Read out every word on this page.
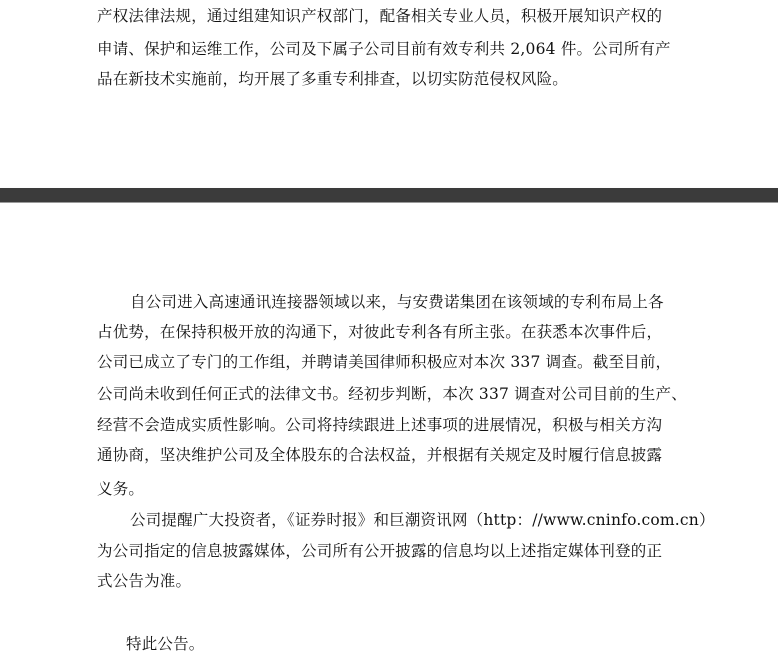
产权法律法规，通过组建知识产权部门，配备相关专业人员，积极开展知识产权的
申请、保护和运维工作，公司及下属子公司目前有效专利共 2,064 件。公司所有产
品在新技术实施前，均开展了多重专利排查，以切实防范侵权风险。
自公司进入高速通讯连接器领域以来，与安费诺集团在该领域的专利布局上各
占优势，在保持积极开放的沟通下，对彼此专利各有所主张。在获悉本次事件后，
公司已成立了专门的工作组，并聘请美国律师积极应对本次 337 调查。截至目前，
公司尚未收到任何正式的法律文书。经初步判断，本次 337 调查对公司目前的生产、
经营不会造成实质性影响。公司将持续跟进上述事项的进展情况，积极与相关方沟
通协商，坚决维护公司及全体股东的合法权益，并根据有关规定及时履行信息披露
义务。
公司提醒广大投资者，《证券时报》和巨潮资讯网（http：//www.cninfo.com.cn）
为公司指定的信息披露媒体，公司所有公开披露的信息均以上述指定媒体刊登的正
式公告为准。
特此公告。
